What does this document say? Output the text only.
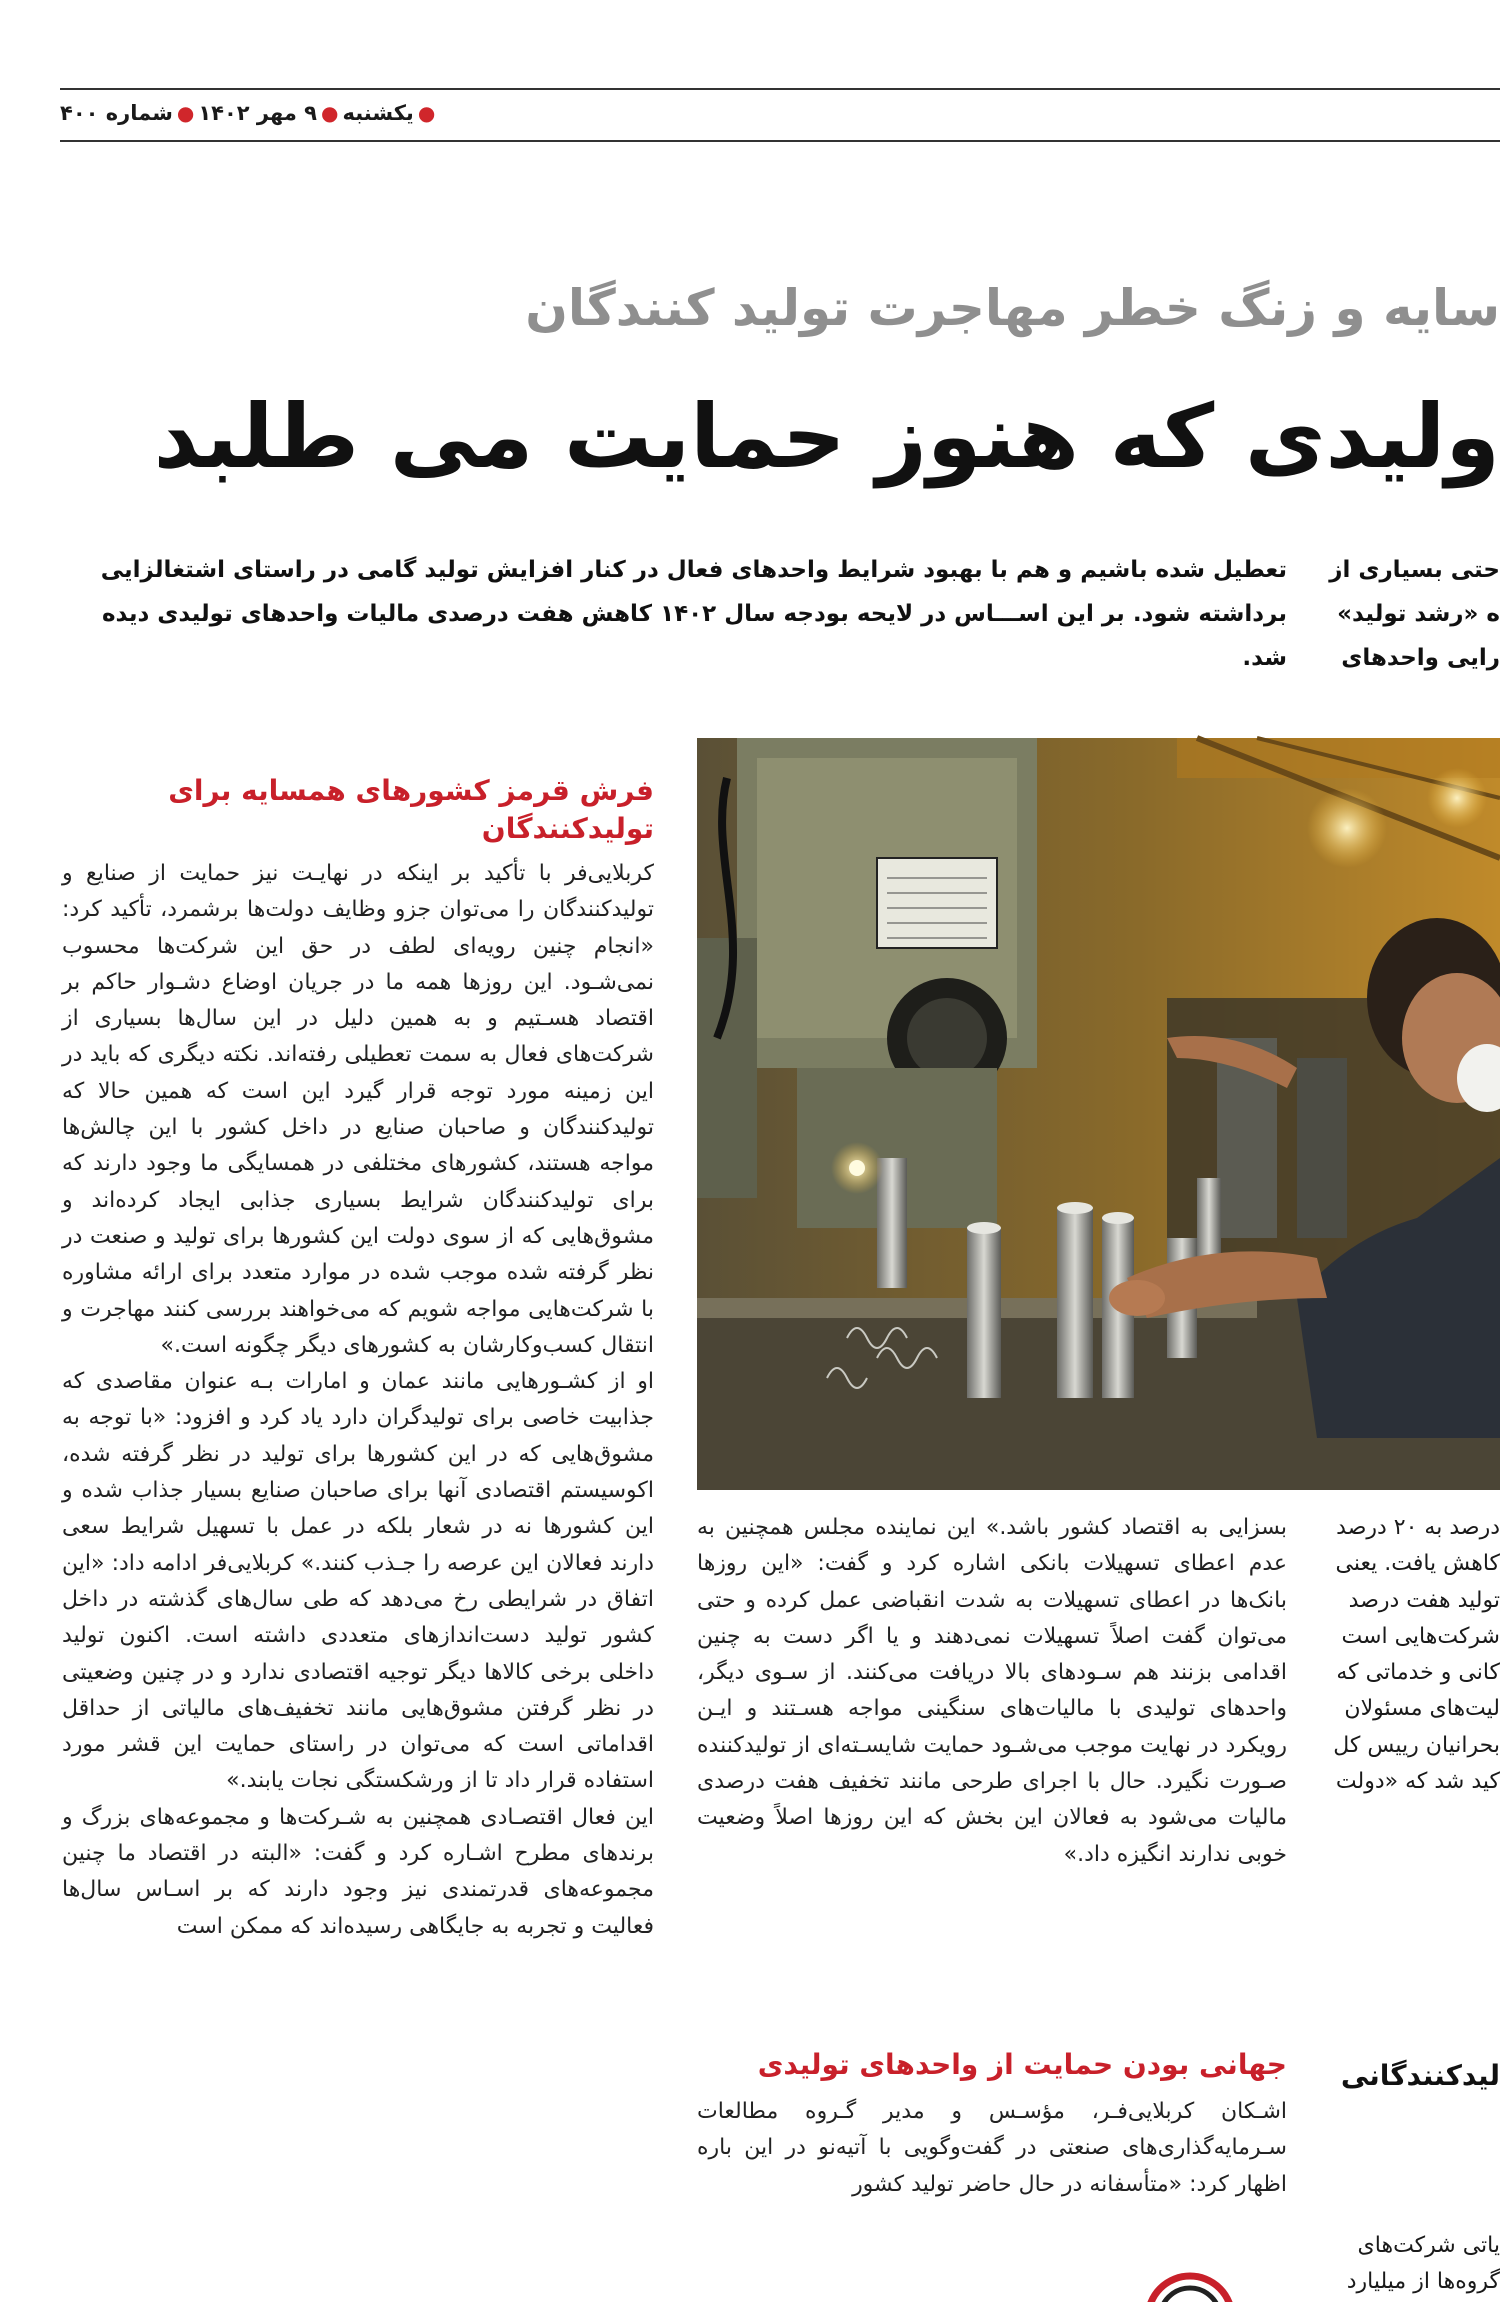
●یکشنبه●۹ مهر ۱۴۰۲●شماره ۴۰۰
سایه و زنگ خطر مهاجرت تولید کنندگان
ولیدی که هنوز حمایت می طلبد
تعطیل شده باشیم و هم با بهبود شرایط واحدهای فعال در کنار افزایش تولید گامی در راستای اشتغالزایی برداشته شود. بر این اســـاس در لایحه بودجه سال ۱۴۰۲ کاهش هفت درصدی مالیات واحدهای تولیدی دیده شد.
حتی بسیاری از
ه «رشد تولید»
رایی واحدهای
فرش قرمز کشورهای همسایه برای تولیدکنندگان

کربلایی‌فر با تأکید بر اینکه در نهایـت نیز حمایت از صنایع و تولیدکنندگان را می‌توان جزو وظایف دولت‌ها برشمرد، تأکید کرد: «انجام چنین رویه‌ای لطف در حق این شرکت‌ها محسوب نمی‌شـود. این روزها همه ما در جریان اوضاع دشـوار حاکم بر اقتصاد هسـتیم و به همین دلیل در این سال‌ها بسیاری از شرکت‌های فعال به سمت تعطیلی رفته‌اند. نکته دیگری که باید در این زمینه مورد توجه قرار گیرد این است که همین حالا که تولیدکنندگان و صاحبان صنایع در داخل کشور با این چالش‌ها مواجه هستند، کشورهای مختلفی در همسایگی ما وجود دارند که برای تولیدکنندگان شرایط بسیاری جذابی ایجاد کرده‌اند و مشوق‌هایی که از سوی دولت این کشورها برای تولید و صنعت در نظر گرفته شده موجب شده در موارد متعدد برای ارائه مشاوره با شرکت‌هایی مواجه شویم که می‌خواهند بررسی کنند مهاجرت و انتقال کسب‌وکارشان به کشورهای دیگر چگونه است.»

او از کشـورهایی مانند عمان و امارات بـه عنوان مقاصدی که جذابیت خاصی برای تولیدگران دارد یاد کرد و افزود: «با توجه به مشوق‌هایی که در این کشورها برای تولید در نظر گرفته شده، اکوسیستم اقتصادی آنها برای صاحبان صنایع بسیار جذاب شده و این کشورها نه در شعار بلکه در عمل با تسهیل شرایط سعی دارند فعالان این عرصه را جـذب کنند.» کربلایی‌فر ادامه داد: «این اتفاق در شرایطی رخ می‌دهد که طی سال‌های گذشته در داخل کشور تولید دست‌اندازهای متعددی داشته است. اکنون تولید داخلی برخی کالاها دیگر توجیه اقتصادی ندارد و در چنین وضعیتی در نظر گرفتن مشوق‌هایی مانند تخفیف‌های مالیاتی از حداقل اقداماتی است که می‌توان در راستای حمایت این قشر مورد استفاده قرار داد تا از ورشکستگی نجات یابند.»

این فعال اقتصـادی همچنین به شـرکت‌ها و مجموعه‌های بزرگ و برندهای مطرح اشـاره کرد و گفت: «البته در اقتصاد ما چنین مجموعه‌های قدرتمندی نیز وجود دارند که بر اسـاس سال‌ها فعالیت و تجربه به جایگاهی رسیده‌اند که ممکن است

بسزایی به اقتصاد کشور باشد.» این نماینده مجلس همچنین به عدم اعطای تسهیلات بانکی اشاره کرد و گفت: «این روزها بانک‌ها در اعطای تسهیلات به شدت انقباضی عمل کرده و حتی می‌توان گفت اصلاً تسهیلات نمی‌دهند و یا اگر دست به چنین اقدامی بزنند هم سـودهای بالا دریافت می‌کنند. از سـوی دیگر، واحدهای تولیدی با مالیات‌های سنگینی مواجه هسـتند و ایـن رویکرد در نهایت موجب می‌شـود حمایت شایسـته‌ای از تولیدکننده صـورت نگیرد. حال با اجرای طرحی مانند تخفیف هفت درصدی مالیات می‌شود به فعالان این بخش که این روزها اصلاً وضعیت خوبی ندارند انگیزه داد.»

جهانی بودن حمایت از واحدهای تولیدی

اشـکان کربلایی‌فـر، مؤسـس و مدیر گـروه مطالعات سـرمایه‌گذاری‌های صنعتی در گفت‌وگویی با آتیه‌نو در این باره اظهار کرد: «متأسفانه در حال حاضر تولید کشور

درصد به ۲۰ درصد
کاهش یافت. یعنی
تولید هفت درصد
شرکت‌هایی است
کانی و خدماتی که
لیت‌های مسئولان
بحرانیان رییس کل
کید شد که «دولت
لیدکنندگانی
یاتی شرکت‌های
گروه‌ها از میلیارد
